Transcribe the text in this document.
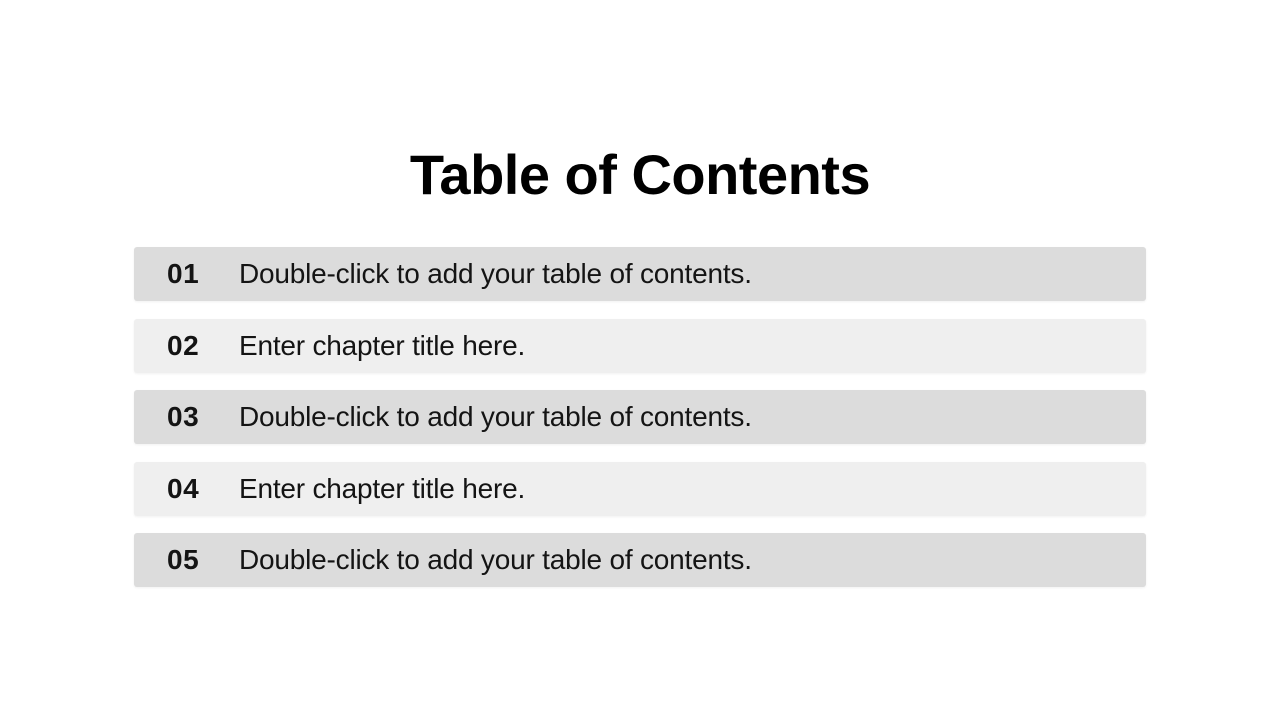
Table of Contents
01	Double-click to add your table of contents.
02	Enter chapter title here.
03	Double-click to add your table of contents.
04	Enter chapter title here.
05	Double-click to add your table of contents.
